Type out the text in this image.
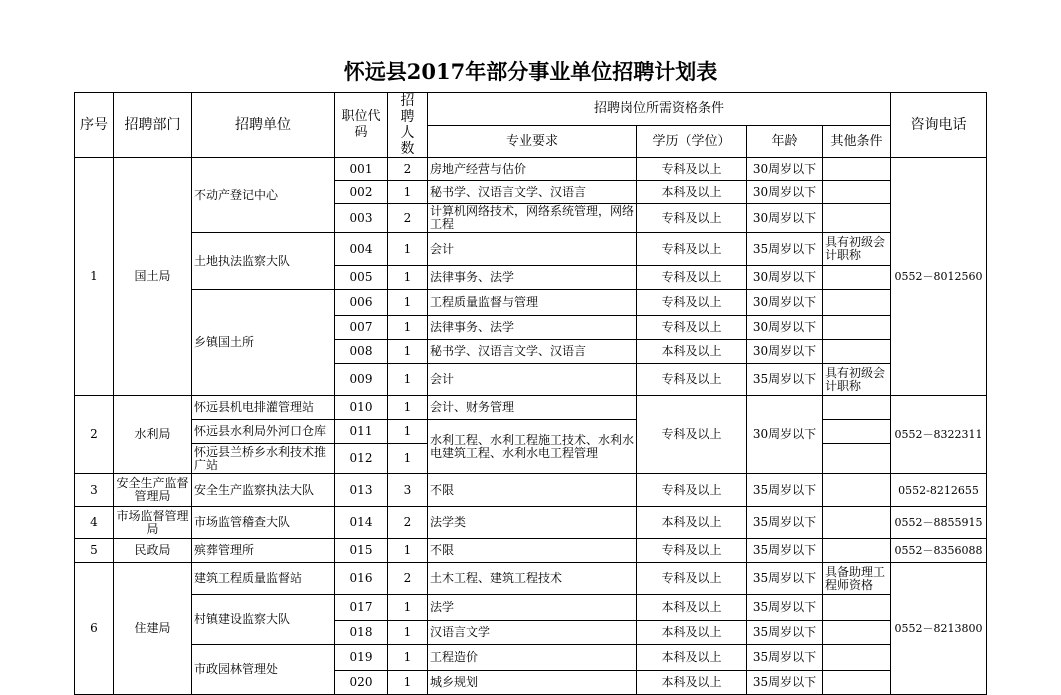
怀远县2017年部分事业单位招聘计划表
序号	招聘部门	招聘单位	职位代码	招聘人数	招聘岗位所需资格条件				咨询电话
					专业要求	学历（学位）	年龄	其他条件	
1	国土局	不动产登记中心	001	2	房地产经营与估价	专科及以上	30周岁以下		0552－8012560
			002	1	秘书学、汉语言文学、汉语言	本科及以上	30周岁以下		
			003	2	计算机网络技术，网络系统管理，网络工程	专科及以上	30周岁以下		
		土地执法监察大队	004	1	会计	专科及以上	35周岁以下	具有初级会计职称	
			005	1	法律事务、法学	专科及以上	30周岁以下		
		乡镇国土所	006	1	工程质量监督与管理	专科及以上	30周岁以下		
			007	1	法律事务、法学	专科及以上	30周岁以下		
			008	1	秘书学、汉语言文学、汉语言	本科及以上	30周岁以下		
			009	1	会计	专科及以上	35周岁以下	具有初级会计职称	
2	水利局	怀远县机电排灌管理站	010	1	会计、财务管理	专科及以上	30周岁以下		0552－8322311
		怀远县水利局外河口仓库	011	1	水利工程、水利工程施工技术、水利水电建筑工程、水利水电工程管理				
		怀远县兰桥乡水利技术推广站	012	1					
3	安全生产监督管理局	安全生产监察执法大队	013	3	不限	专科及以上	35周岁以下		0552-8212655
4	市场监督管理局	市场监管稽查大队	014	2	法学类	本科及以上	35周岁以下		0552－8855915
5	民政局	殡葬管理所	015	1	不限	专科及以上	35周岁以下		0552－8356088
6	住建局	建筑工程质量监督站	016	2	土木工程、建筑工程技术	专科及以上	35周岁以下	具备助理工程师资格	0552－8213800
		村镇建设监察大队	017	1	法学	本科及以上	35周岁以下		
			018	1	汉语言文学	本科及以上	35周岁以下		
		市政园林管理处	019	1	工程造价	本科及以上	35周岁以下		
			020	1	城乡规划	本科及以上	35周岁以下		
